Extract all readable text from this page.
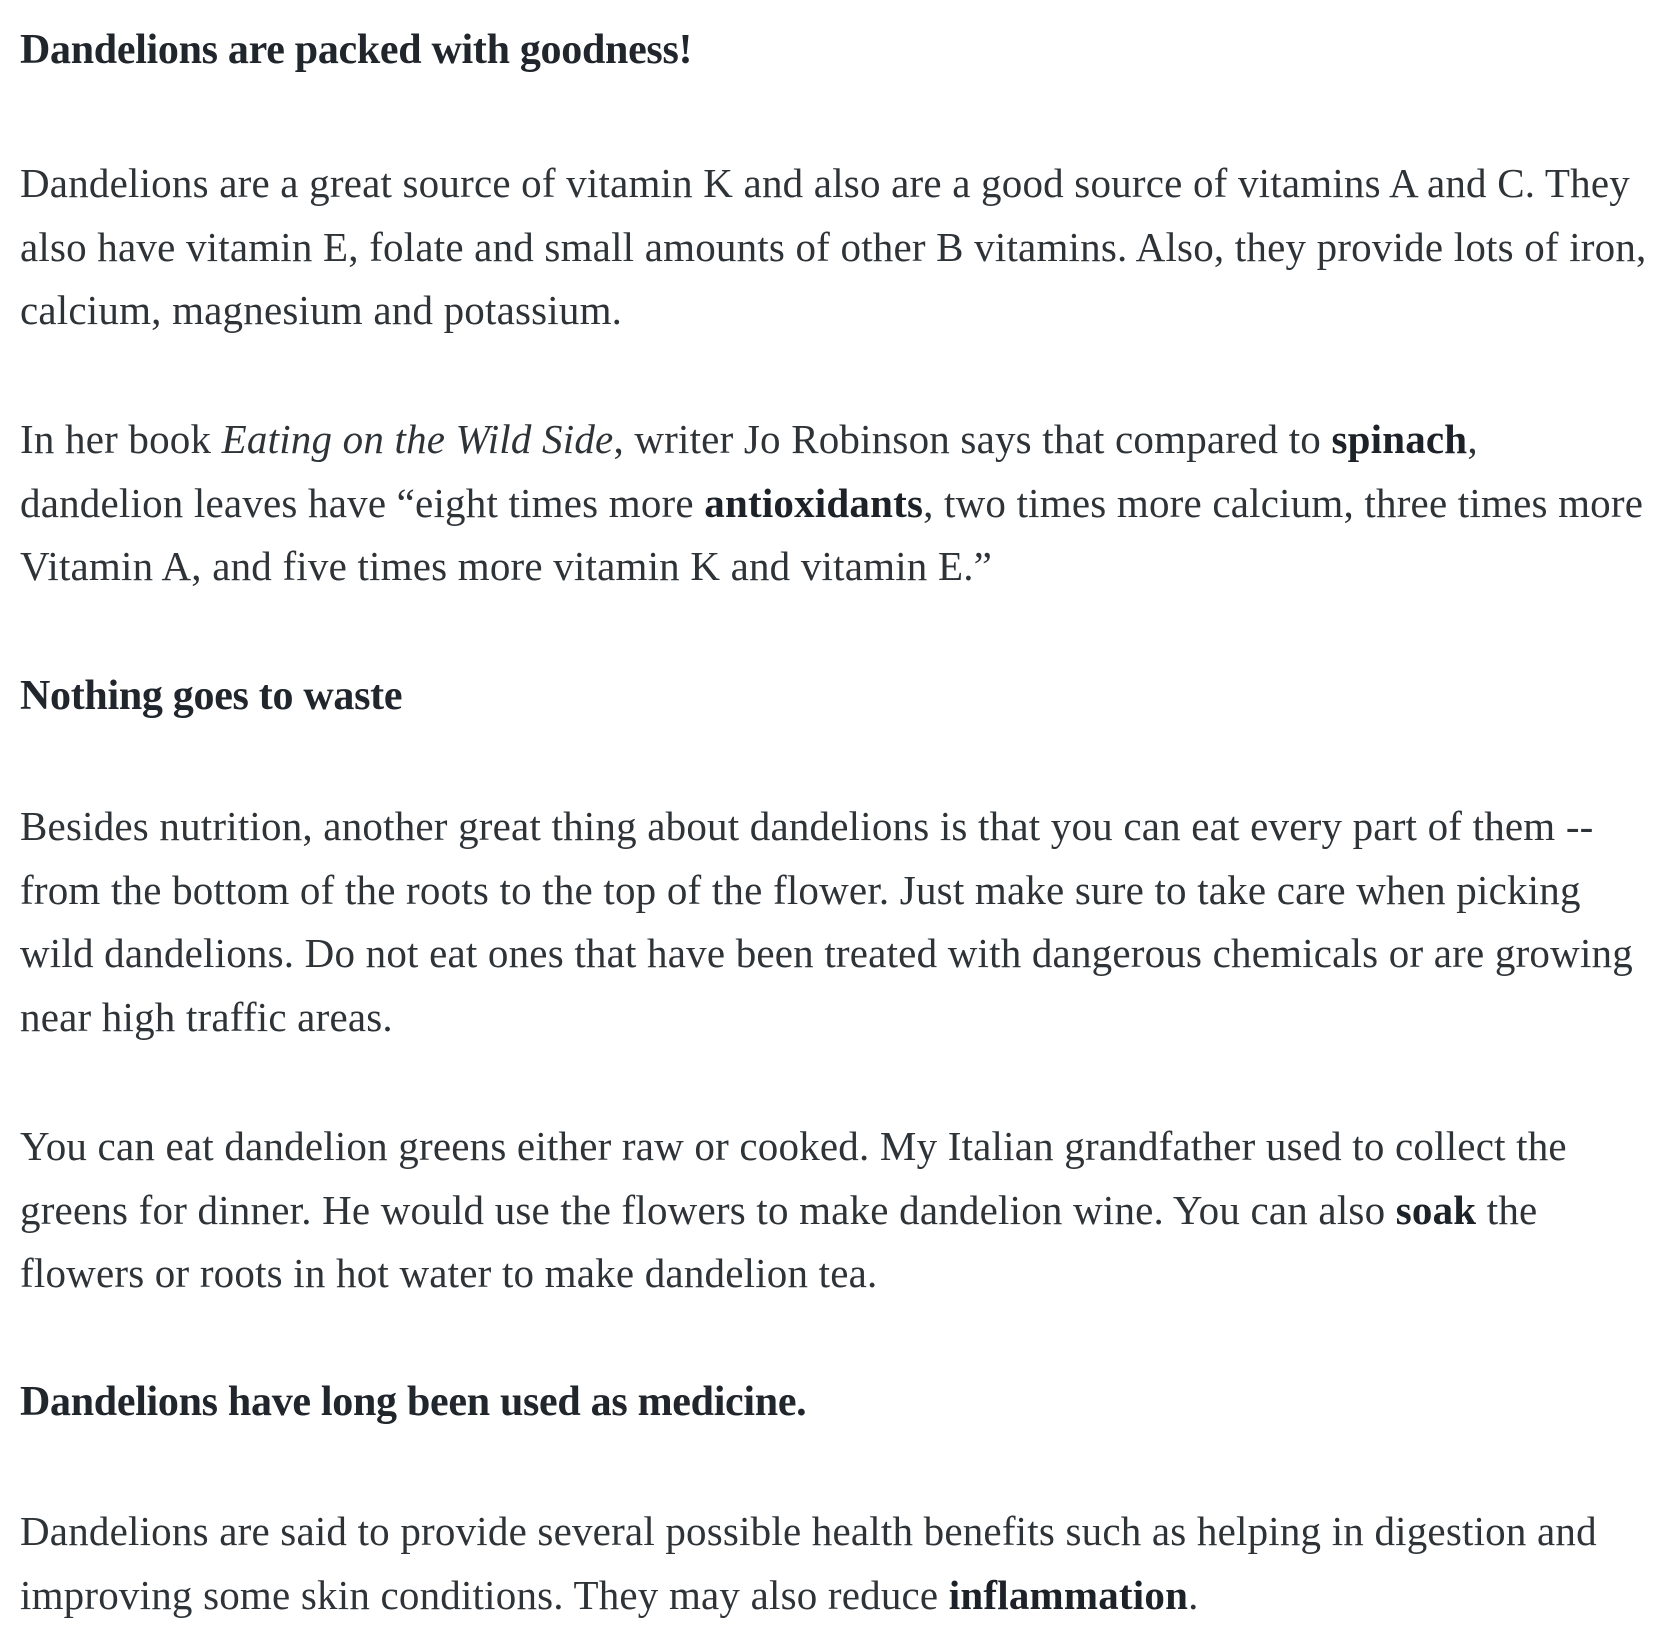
Dandelions are packed with goodness!

Dandelions are a great source of vitamin K and also are a good source of vitamins A and C. They also have vitamin E, folate and small amounts of other B vitamins. Also, they provide lots of iron, calcium, magnesium and potassium.

In her book Eating on the Wild Side, writer Jo Robinson says that compared to spinach, dandelion leaves have “eight times more antioxidants, two times more calcium, three times more Vitamin A, and five times more vitamin K and vitamin E.”

Nothing goes to waste

Besides nutrition, another great thing about dandelions is that you can eat every part of them -- from the bottom of the roots to the top of the flower. Just make sure to take care when picking wild dandelions. Do not eat ones that have been treated with dangerous chemicals or are growing near high traffic areas.

You can eat dandelion greens either raw or cooked. My Italian grandfather used to collect the greens for dinner. He would use the flowers to make dandelion wine. You can also soak the flowers or roots in hot water to make dandelion tea.

Dandelions have long been used as medicine.

Dandelions are said to provide several possible health benefits such as helping in digestion and improving some skin conditions. They may also reduce inflammation.
